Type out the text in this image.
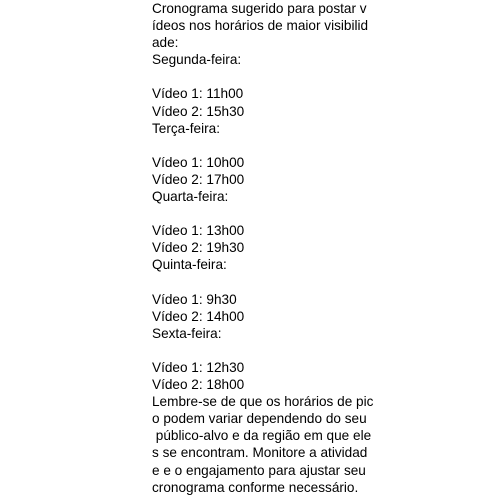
Cronograma sugerido para postar v
ídeos nos horários de maior visibilid
ade:
Segunda-feira:
Vídeo 1: 11h00
Vídeo 2: 15h30
Terça-feira:
Vídeo 1: 10h00
Vídeo 2: 17h00
Quarta-feira:
Vídeo 1: 13h00
Vídeo 2: 19h30
Quinta-feira:
Vídeo 1: 9h30
Vídeo 2: 14h00
Sexta-feira:
Vídeo 1: 12h30
Vídeo 2: 18h00
Lembre-se de que os horários de pic
o podem variar dependendo do seu
público-alvo e da região em que ele
s se encontram. Monitore a atividad
e e o engajamento para ajustar seu
cronograma conforme necessário.
